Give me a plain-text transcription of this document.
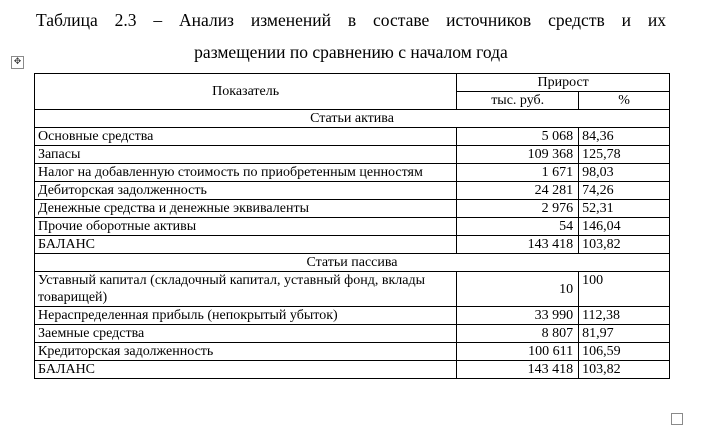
Таблица 2.3 – Анализ изменений в составе источников средств и их
размещении по сравнению с началом года
✥
Показатель	Прирост	
	тыс. руб.	%
Статьи актива		
Основные средства	5 068	84,36
Запасы	109 368	125,78
Налог на добавленную стоимость по приобретенным ценностям	1 671	98,03
Дебиторская задолженность	24 281	74,26
Денежные средства и денежные эквиваленты	2 976	52,31
Прочие оборотные активы	54	146,04
БАЛАНС	143 418	103,82
Статьи пассива		
Уставный капитал (складочный капитал, уставный фонд, вклады товарищей)	10	100
Нераспределенная прибыль (непокрытый убыток)	33 990	112,38
Заемные средства	8 807	81,97
Кредиторская задолженность	100 611	106,59
БАЛАНС	143 418	103,82
